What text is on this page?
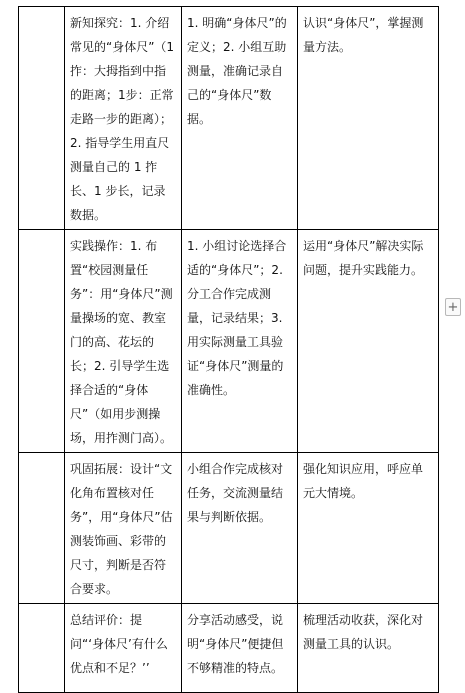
	新知探究：1. 介绍常见的“身体尺”（1拃：大拇指到中指的距离；1步：正常走路一步的距离）；2. 指导学生用直尺测量自己的 1 拃长、1 步长，记录数据。	1. 明确“身体尺”的定义；2. 小组互助测量，准确记录自己的“身体尺”数据。	认识“身体尺”，掌握测量方法。

	实践操作：1. 布置“校园测量任务”：用“身体尺”测量操场的宽、教室门的高、花坛的长；2. 引导学生选择合适的“身体尺”（如用步测操场，用拃测门高）。	1. 小组讨论选择合适的“身体尺”；2. 分工合作完成测量，记录结果；3. 用实际测量工具验证“身体尺”测量的准确性。	运用“身体尺”解决实际问题，提升实践能力。

	巩固拓展：设计“文化角布置核对任务”，用“身体尺”估测装饰画、彩带的尺寸，判断是否符合要求。	小组合作完成核对任务，交流测量结果与判断依据。	强化知识应用，呼应单元大情境。

	总结评价：提问“‘身体尺’有什么优点和不足？’’	分享活动感受，说明“身体尺”便捷但不够精准的特点。	梳理活动收获，深化对测量工具的认识。
+
